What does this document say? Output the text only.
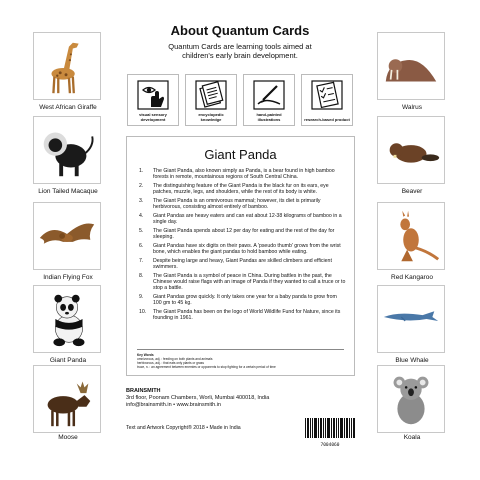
About Quantum Cards
Quantum Cards are learning tools aimed at
children's early brain development.
visual sensory development
encyclopedic knowledge
hand-painted illustrations	research-based product
West African Giraffe
Lion Tailed Macaque
Indian Flying Fox
Giant Panda
Moose
Walrus
Beaver
Red Kangaroo
Blue Whale
Koala
Giant Panda
1. The Giant Panda, also known simply as Panda, is a bear found in high bamboo forests in remote, mountainous regions of South Central China.
2. The distinguishing feature of the Giant Panda is the black fur on its ears, eye patches, muzzle, legs, and shoulders, while the rest of its body is white.
3. The Giant Panda is an omnivorous mammal; however, its diet is primarily herbivorous, consisting almost entirely of bamboo.
4. Giant Pandas are heavy eaters and can eat about 12-38 kilograms of bamboo in a single day.
5. The Giant Panda spends about 12 per day for eating and the rest of the day for sleeping.
6. Giant Pandas have six digits on their paws. A 'pseudo thumb' grows from the wrist bone, which enables the giant pandas to hold bamboo while eating.
7. Despite being large and heavy, Giant Pandas are skilled climbers and efficient swimmers.
8. The Giant Panda is a symbol of peace in China. During battles in the past, the Chinese would raise flags with an image of Panda if they wanted to call a truce or to stop a battle.
9. Giant Pandas grow quickly. It only takes one year for a baby panda to grow from 100 gm to 45 kg.
10. The Giant Panda has been on the logo of World Wildlife Fund for Nature, since its founding in 1961.
Key Words
omnivorous, adj. : feeding on both plants and animals
herbivorous, adj. : that eats only plants or grass
truce, n. : an agreement between enemies or opponents to stop fighting for a certain period of time
BRAINSMITH
3rd floor, Poonam Chambers, Worli, Mumbai 400018, India
info@brainsmith.in • www.brainsmith.in
Text and Artwork Copyright® 2018 • Made in India
7004060
